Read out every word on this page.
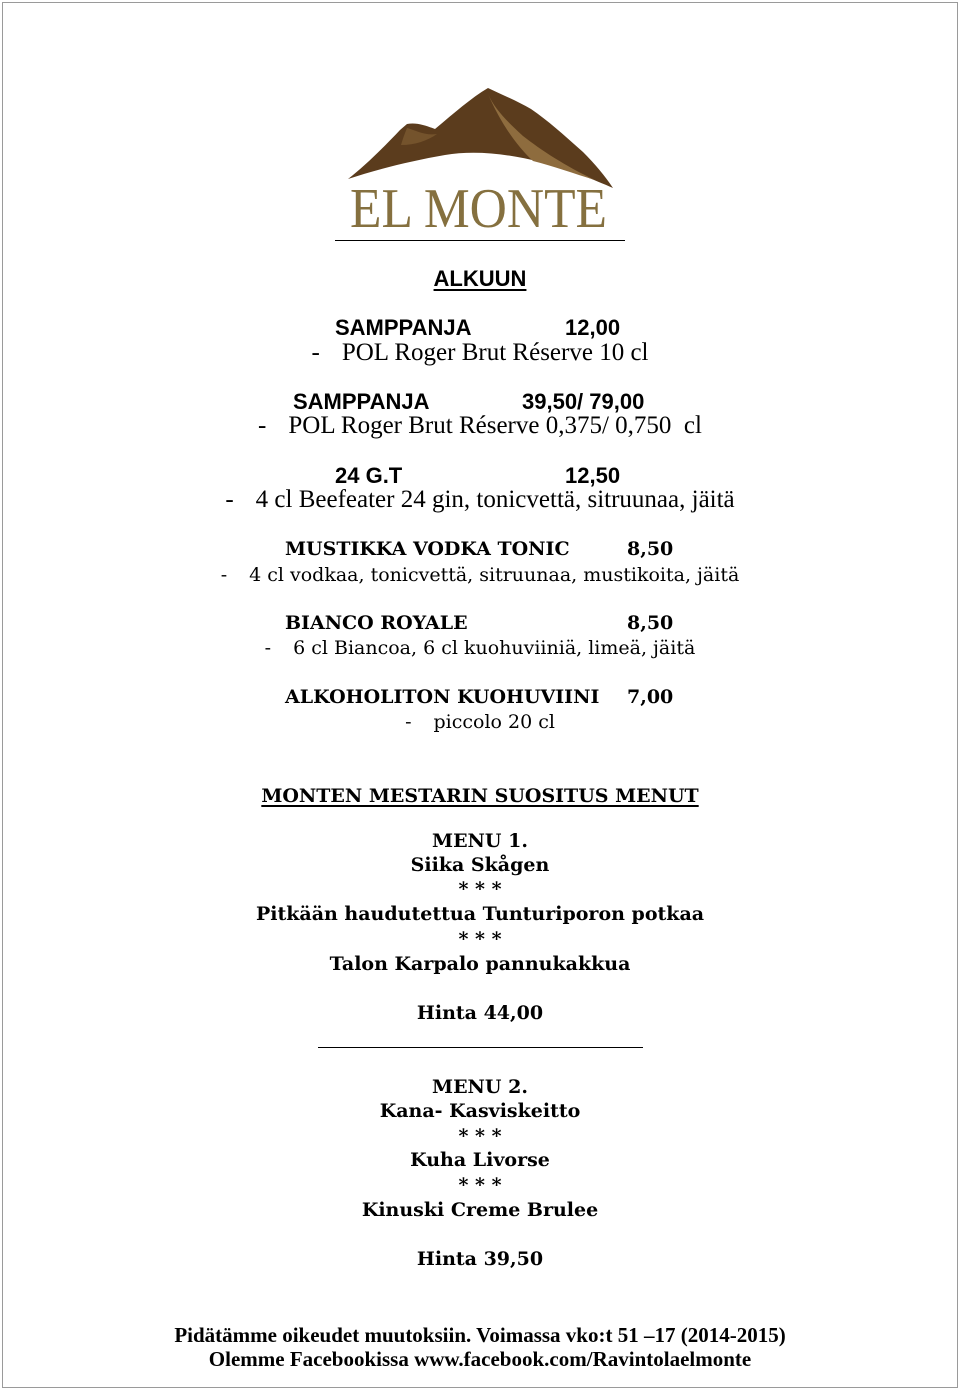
EL MONTE
ALKUUN
SAMPPANJA	12,00
- POL Roger Brut Réserve 10 cl
SAMPPANJA	39,50/ 79,00
- POL Roger Brut Réserve 0,375/ 0,750  cl
24 G.T	12,50
- 4 cl Beefeater 24 gin, tonicvettä, sitruunaa, jäitä
MUSTIKKA VODKA TONIC	8,50
- 4 cl vodkaa, tonicvettä, sitruunaa, mustikoita, jäitä
BIANCO ROYALE	8,50
- 6 cl Biancoa, 6 cl kuohuviiniä, limeä, jäitä
ALKOHOLITON KUOHUVIINI 7,00
- piccolo 20 cl
MONTEN MESTARIN SUOSITUS MENUT
MENU 1.
Siika Skågen
* * *
Pitkään haudutettua Tunturiporon potkaa
* * *
Talon Karpalo pannukakkua
Hinta 44,00
MENU 2.
Kana- Kasviskeitto
* * *
Kuha Livorse
* * *
Kinuski Creme Brulee
Hinta 39,50
Pidätämme oikeudet muutoksiin. Voimassa vko:t 51 –17 (2014-2015)
Olemme Facebookissa www.facebook.com/Ravintolaelmonte
